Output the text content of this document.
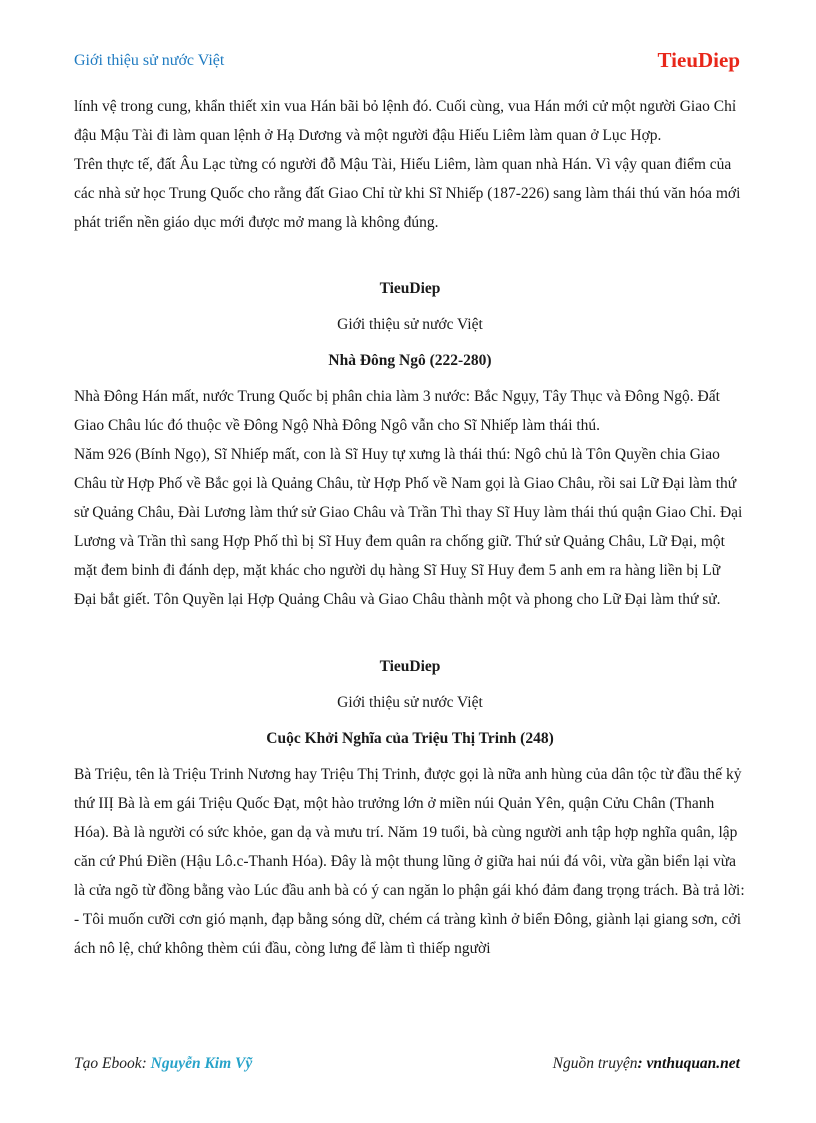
Giới thiệu sử nước Việt	TieuDiep

lính vệ trong cung, khẩn thiết xin vua Hán bãi bỏ lệnh đó. Cuối cùng, vua Hán mới cử một người Giao Chỉ đậu Mậu Tài đi làm quan lệnh ở Hạ Dương và một người đậu Hiếu Liêm làm quan ở Lục Hợp.

Trên thực tế, đất Âu Lạc từng có người đỗ Mậu Tài, Hiếu Liêm, làm quan nhà Hán. Vì vậy quan điểm của các nhà sử học Trung Quốc cho rằng đất Giao Chỉ từ khi Sĩ Nhiếp (187-226) sang làm thái thú văn hóa mới phát triển nền giáo dục mới được mở mang là không đúng.

TieuDiep

Giới thiệu sử nước Việt

Nhà Đông Ngô (222-280)

Nhà Đông Hán mất, nước Trung Quốc bị phân chia làm 3 nước: Bắc Ngụy, Tây Thục và Đông Ngộ. Đất Giao Châu lúc đó thuộc về Đông Ngộ Nhà Đông Ngô vẫn cho Sĩ Nhiếp làm thái thú.

Năm 926 (Bính Ngọ), Sĩ Nhiếp mất, con là Sĩ Huy tự xưng là thái thú: Ngô chủ là Tôn Quyền chia Giao Châu từ Hợp Phố về Bắc gọi là Quảng Châu, từ Hợp Phố về Nam gọi là Giao Châu, rồi sai Lữ Đại làm thứ sử Quảng Châu, Đài Lương làm thứ sử Giao Châu và Trần Thì thay Sĩ Huy làm thái thú quận Giao Chỉ. Đại Lương và Trần thì sang Hợp Phố thì bị Sĩ Huy đem quân ra chống giữ. Thứ sử Quảng Châu, Lữ Đại, một mặt đem binh đi đánh dẹp, mặt khác cho người dụ hàng Sĩ Huỵ Sĩ Huy đem 5 anh em ra hàng liền bị Lữ Đại bắt giết. Tôn Quyền lại Hợp Quảng Châu và Giao Châu thành một và phong cho Lữ Đại làm thứ sử.

TieuDiep

Giới thiệu sử nước Việt

Cuộc Khởi Nghĩa của Triệu Thị Trinh (248)

Bà Triệu, tên là Triệu Trinh Nương hay Triệu Thị Trinh, được gọi là nữa anh hùng của dân tộc từ đầu thế kỷ thứ IIỊ Bà là em gái Triệu Quốc Đạt, một hào trưởng lớn ở miền núi Quản Yên, quận Cửu Chân (Thanh Hóa). Bà là người có sức khỏe, gan dạ và mưu trí. Năm 19 tuổi, bà cùng người anh tập hợp nghĩa quân, lập căn cứ Phú Điền (Hậu Lô.c-Thanh Hóa). Đây là một thung lũng ở giữa hai núi đá vôi, vừa gần biển lại vừa là cửa ngõ từ đồng bằng vào Lúc đầu anh bà có ý can ngăn lo phận gái khó đảm đang trọng trách. Bà trả lời:

- Tôi muốn cưỡi cơn gió mạnh, đạp bằng sóng dữ, chém cá tràng kình ở biển Đông, giành lại giang sơn, cởi ách nô lệ, chứ không thèm cúi đầu, còng lưng để làm tì thiếp người

Tạo Ebook: Nguyễn Kim Vỹ	Nguồn truyện: vnthuquan.net
